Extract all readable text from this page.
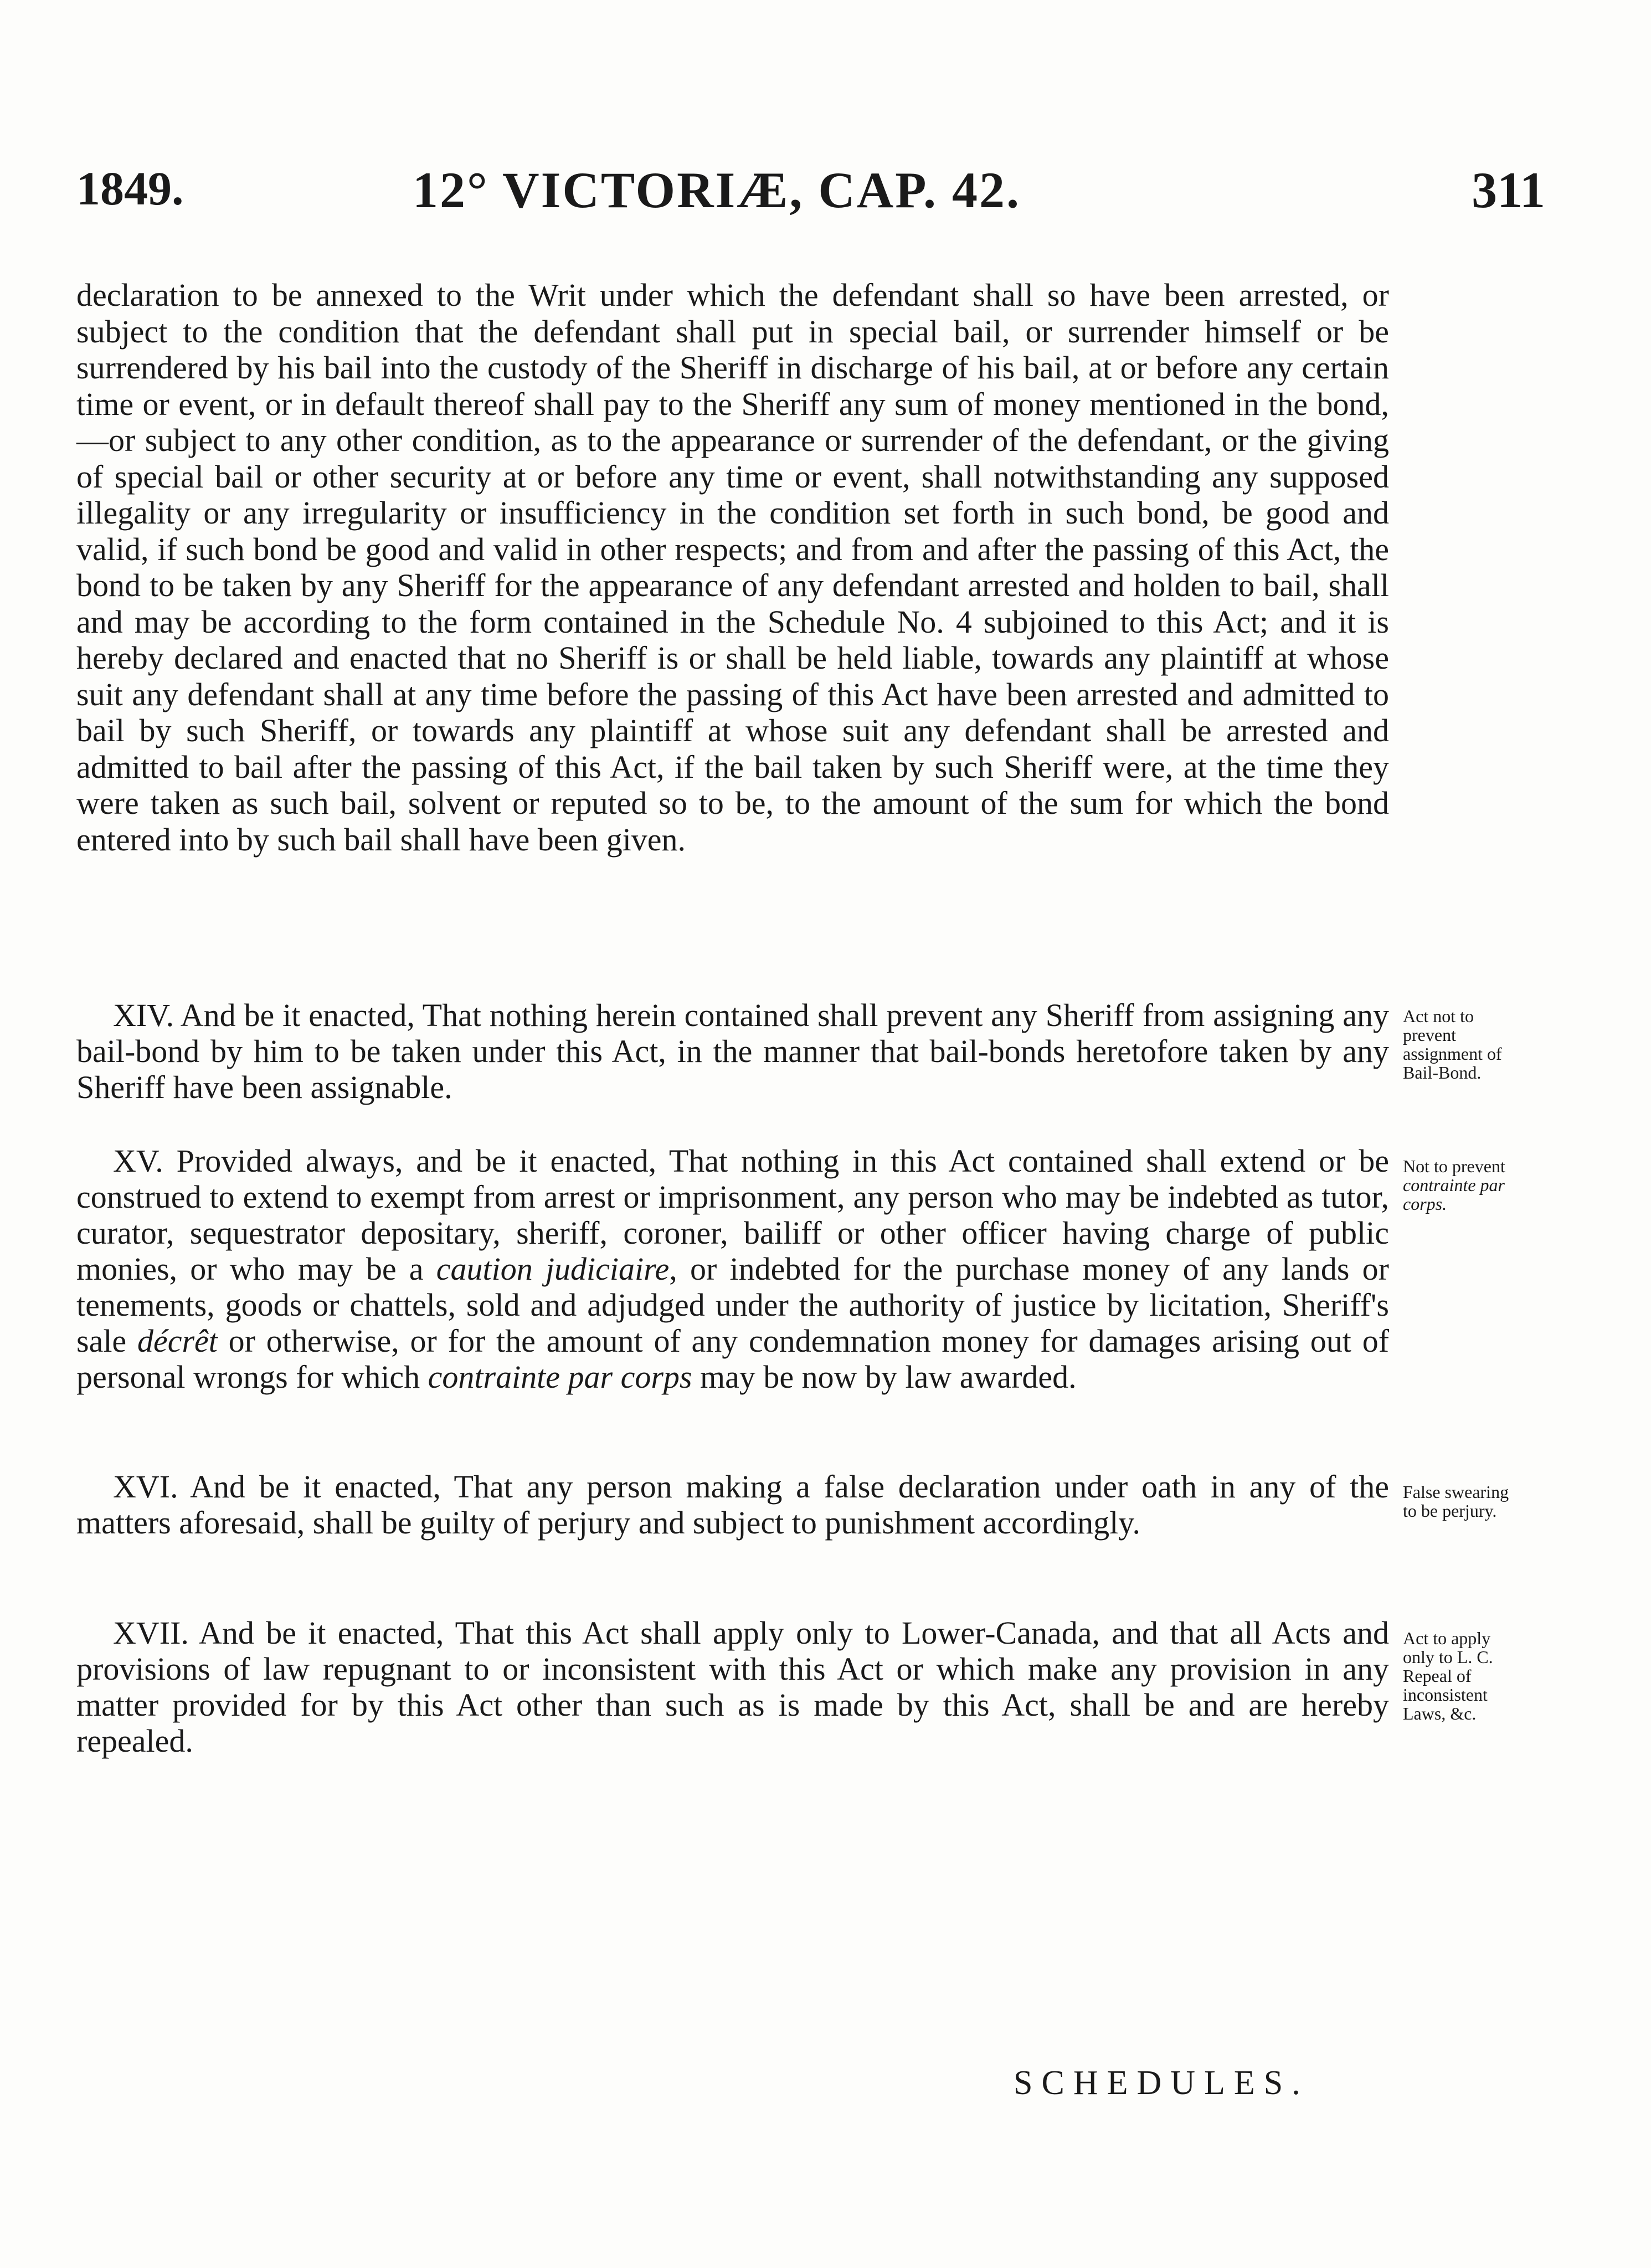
1849.	12° VICTORIÆ, CAP. 42.	311

declaration to be annexed to the Writ under which the defendant shall so have been arrested, or subject to the condition that the defendant shall put in special bail, or surrender himself or be surrendered by his bail into the custody of the Sheriff in discharge of his bail, at or before any certain time or event, or in default thereof shall pay to the Sheriff any sum of money mentioned in the bond,—or subject to any other condition, as to the appearance or surrender of the defendant, or the giving of special bail or other security at or before any time or event, shall notwithstanding any supposed illegality or any irregularity or insufficiency in the condition set forth in such bond, be good and valid, if such bond be good and valid in other respects; and from and after the passing of this Act, the bond to be taken by any Sheriff for the appearance of any defendant arrested and holden to bail, shall and may be according to the form contained in the Schedule No. 4 subjoined to this Act; and it is hereby declared and enacted that no Sheriff is or shall be held liable, towards any plaintiff at whose suit any defendant shall at any time before the passing of this Act have been arrested and admitted to bail by such Sheriff, or towards any plaintiff at whose suit any defendant shall be arrested and admitted to bail after the passing of this Act, if the bail taken by such Sheriff were, at the time they were taken as such bail, solvent or reputed so to be, to the amount of the sum for which the bond entered into by such bail shall have been given.

XIV. And be it enacted, That nothing herein contained shall prevent any Sheriff from assigning any bail-bond by him to be taken under this Act, in the manner that bail-bonds heretofore taken by any Sheriff have been assignable.

Act not to prevent assignment of Bail-Bond.

XV. Provided always, and be it enacted, That nothing in this Act contained shall extend or be construed to extend to exempt from arrest or imprisonment, any person who may be indebted as tutor, curator, sequestrator depositary, sheriff, coroner, bailiff or other officer having charge of public monies, or who may be a caution judiciaire, or indebted for the purchase money of any lands or tenements, goods or chattels, sold and adjudged under the authority of justice by licitation, Sheriff's sale décrêt or otherwise, or for the amount of any condemnation money for damages arising out of personal wrongs for which contrainte par corps may be now by law awarded.

Not to prevent contrainte par corps.

XVI. And be it enacted, That any person making a false declaration under oath in any of the matters aforesaid, shall be guilty of perjury and subject to punishment accordingly.

False swearing to be perjury.

XVII. And be it enacted, That this Act shall apply only to Lower-Canada, and that all Acts and provisions of law repugnant to or inconsistent with this Act or which make any provision in any matter provided for by this Act other than such as is made by this Act, shall be and are hereby repealed.

Act to apply only to L. C. Repeal of inconsistent Laws, &c.
SCHEDULES.
